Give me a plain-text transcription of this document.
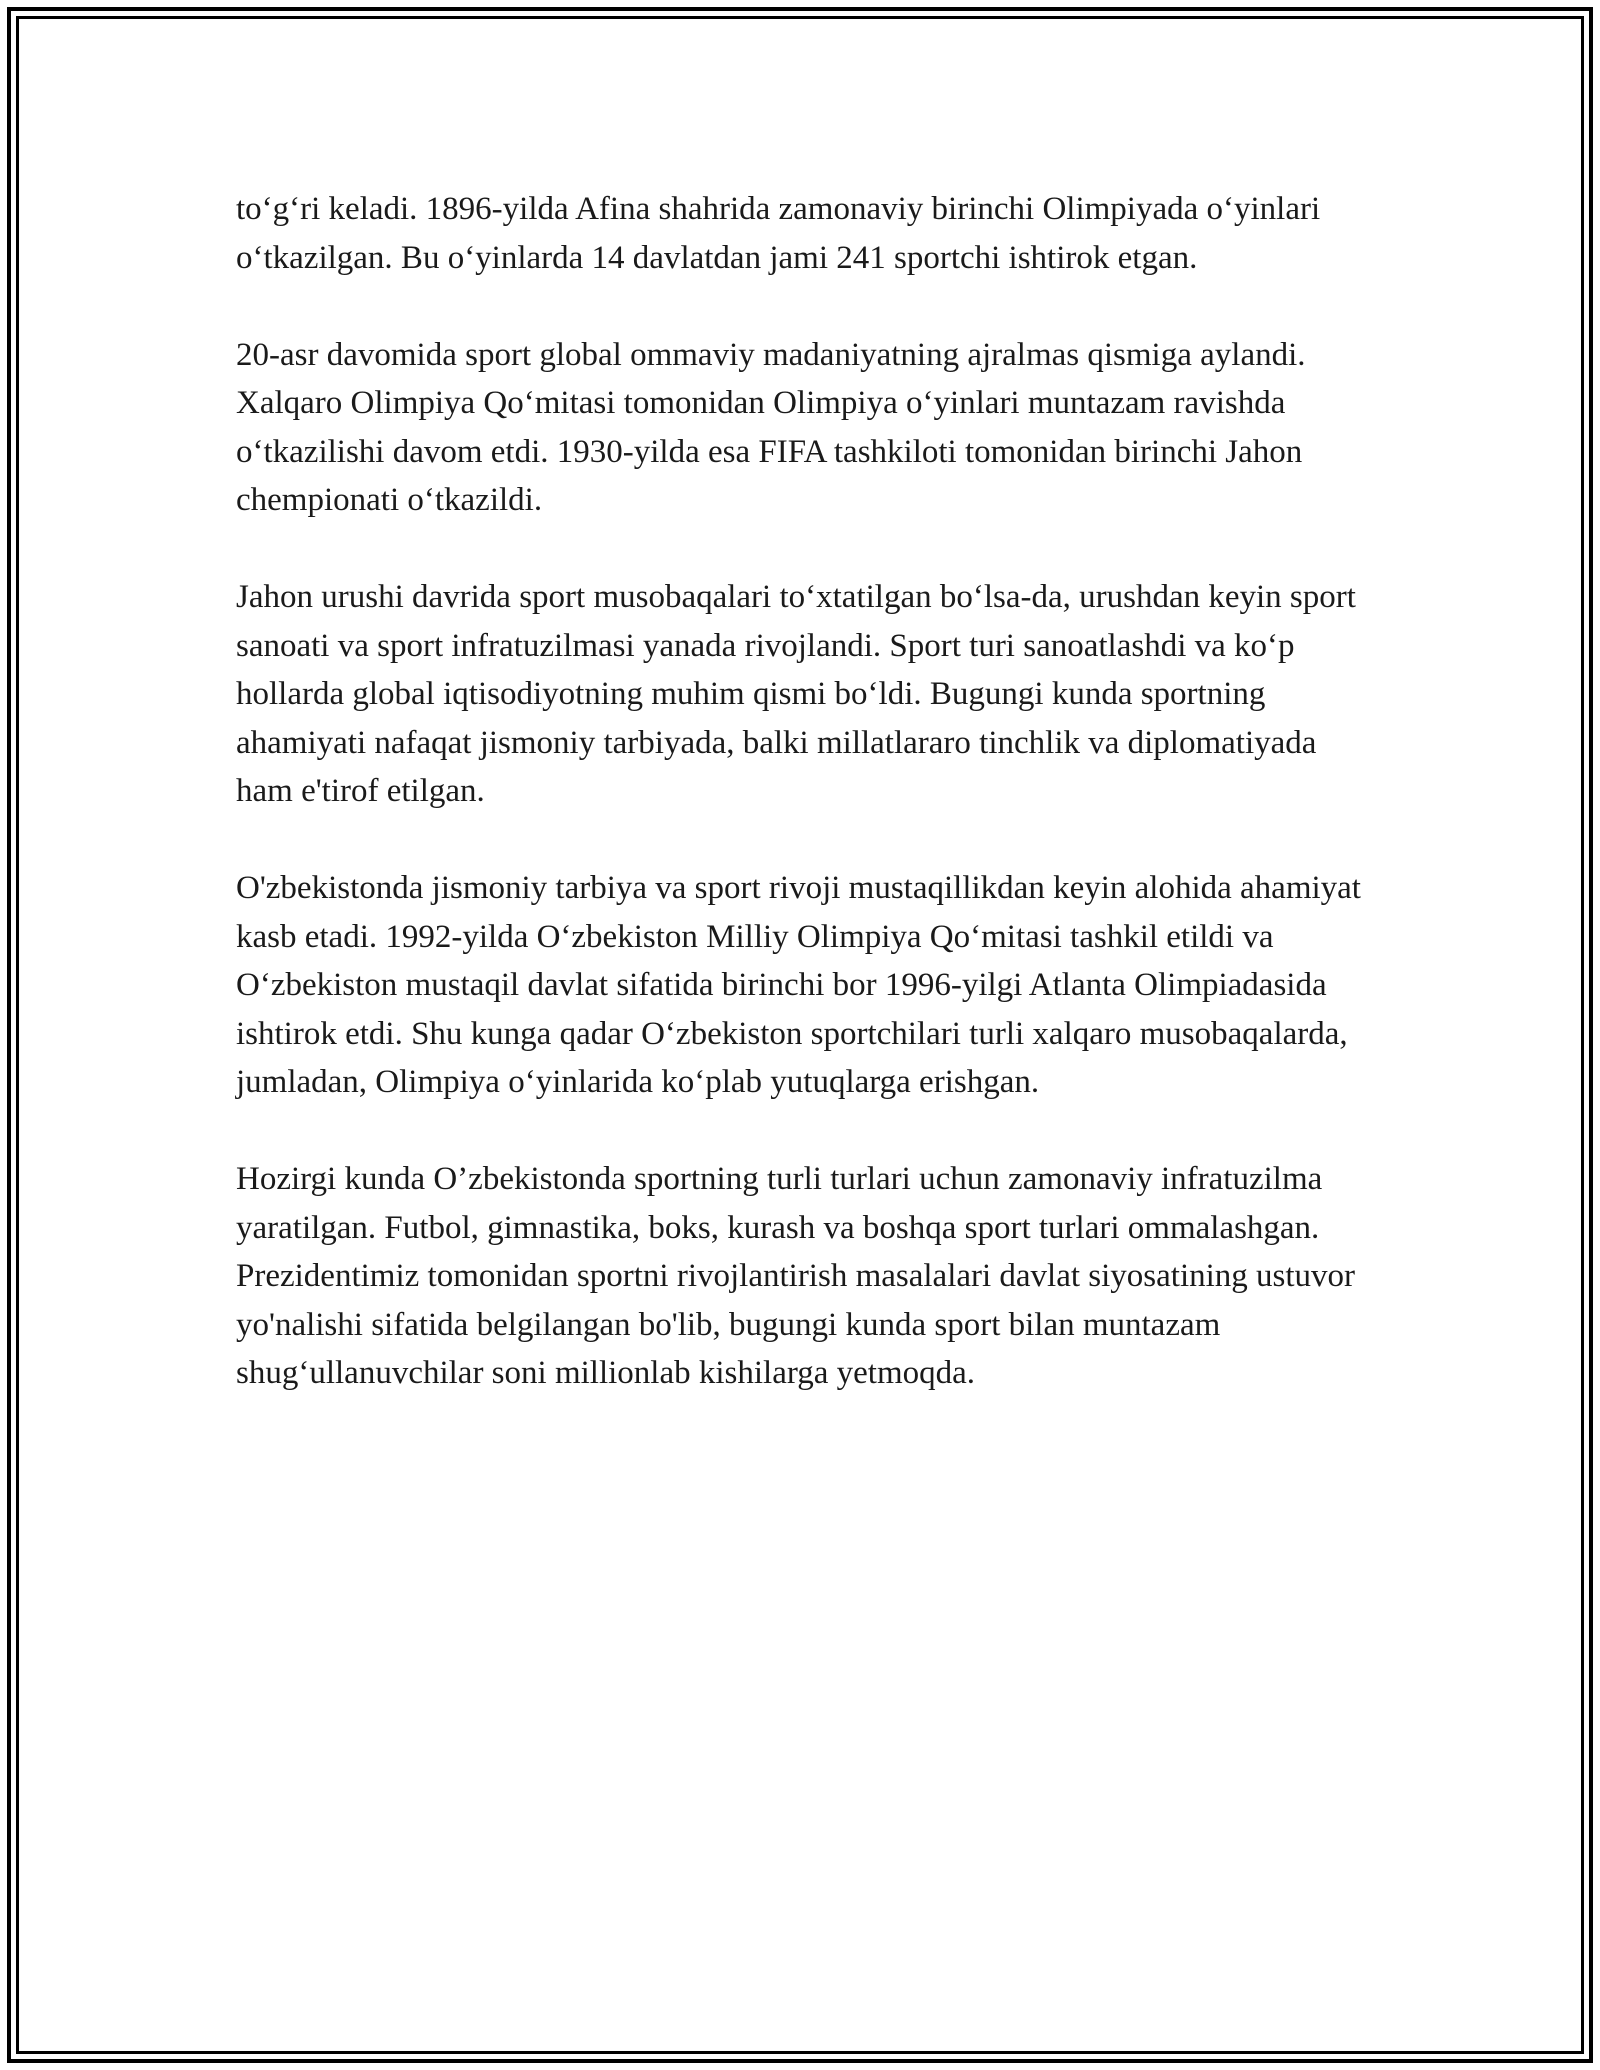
to‘g‘ri keladi. 1896-yilda Afina shahrida zamonaviy birinchi Olimpiyada o‘yinlari o‘tkazilgan. Bu o‘yinlarda 14 davlatdan jami 241 sportchi ishtirok etgan.

20-asr davomida sport global ommaviy madaniyatning ajralmas qismiga aylandi. Xalqaro Olimpiya Qo‘mitasi tomonidan Olimpiya o‘yinlari muntazam ravishda o‘tkazilishi davom etdi. 1930-yilda esa FIFA tashkiloti tomonidan birinchi Jahon chempionati o‘tkazildi.

Jahon urushi davrida sport musobaqalari to‘xtatilgan bo‘lsa-da, urushdan keyin sport sanoati va sport infratuzilmasi yanada rivojlandi. Sport turi sanoatlashdi va ko‘p hollarda global iqtisodiyotning muhim qismi bo‘ldi. Bugungi kunda sportning ahamiyati nafaqat jismoniy tarbiyada, balki millatlararo tinchlik va diplomatiyada ham e'tirof etilgan.

O'zbekistonda jismoniy tarbiya va sport rivoji mustaqillikdan keyin alohida ahamiyat kasb etadi. 1992-yilda O‘zbekiston Milliy Olimpiya Qo‘mitasi tashkil etildi va O‘zbekiston mustaqil davlat sifatida birinchi bor 1996-yilgi Atlanta Olimpiadasida ishtirok etdi. Shu kunga qadar O‘zbekiston sportchilari turli xalqaro musobaqalarda, jumladan, Olimpiya o‘yinlarida ko‘plab yutuqlarga erishgan.

Hozirgi kunda O’zbekistonda sportning turli turlari uchun zamonaviy infratuzilma yaratilgan. Futbol, gimnastika, boks, kurash va boshqa sport turlari ommalashgan. Prezidentimiz tomonidan sportni rivojlantirish masalalari davlat siyosatining ustuvor yo'nalishi sifatida belgilangan bo'lib, bugungi kunda sport bilan muntazam shug‘ullanuvchilar soni millionlab kishilarga yetmoqda.
